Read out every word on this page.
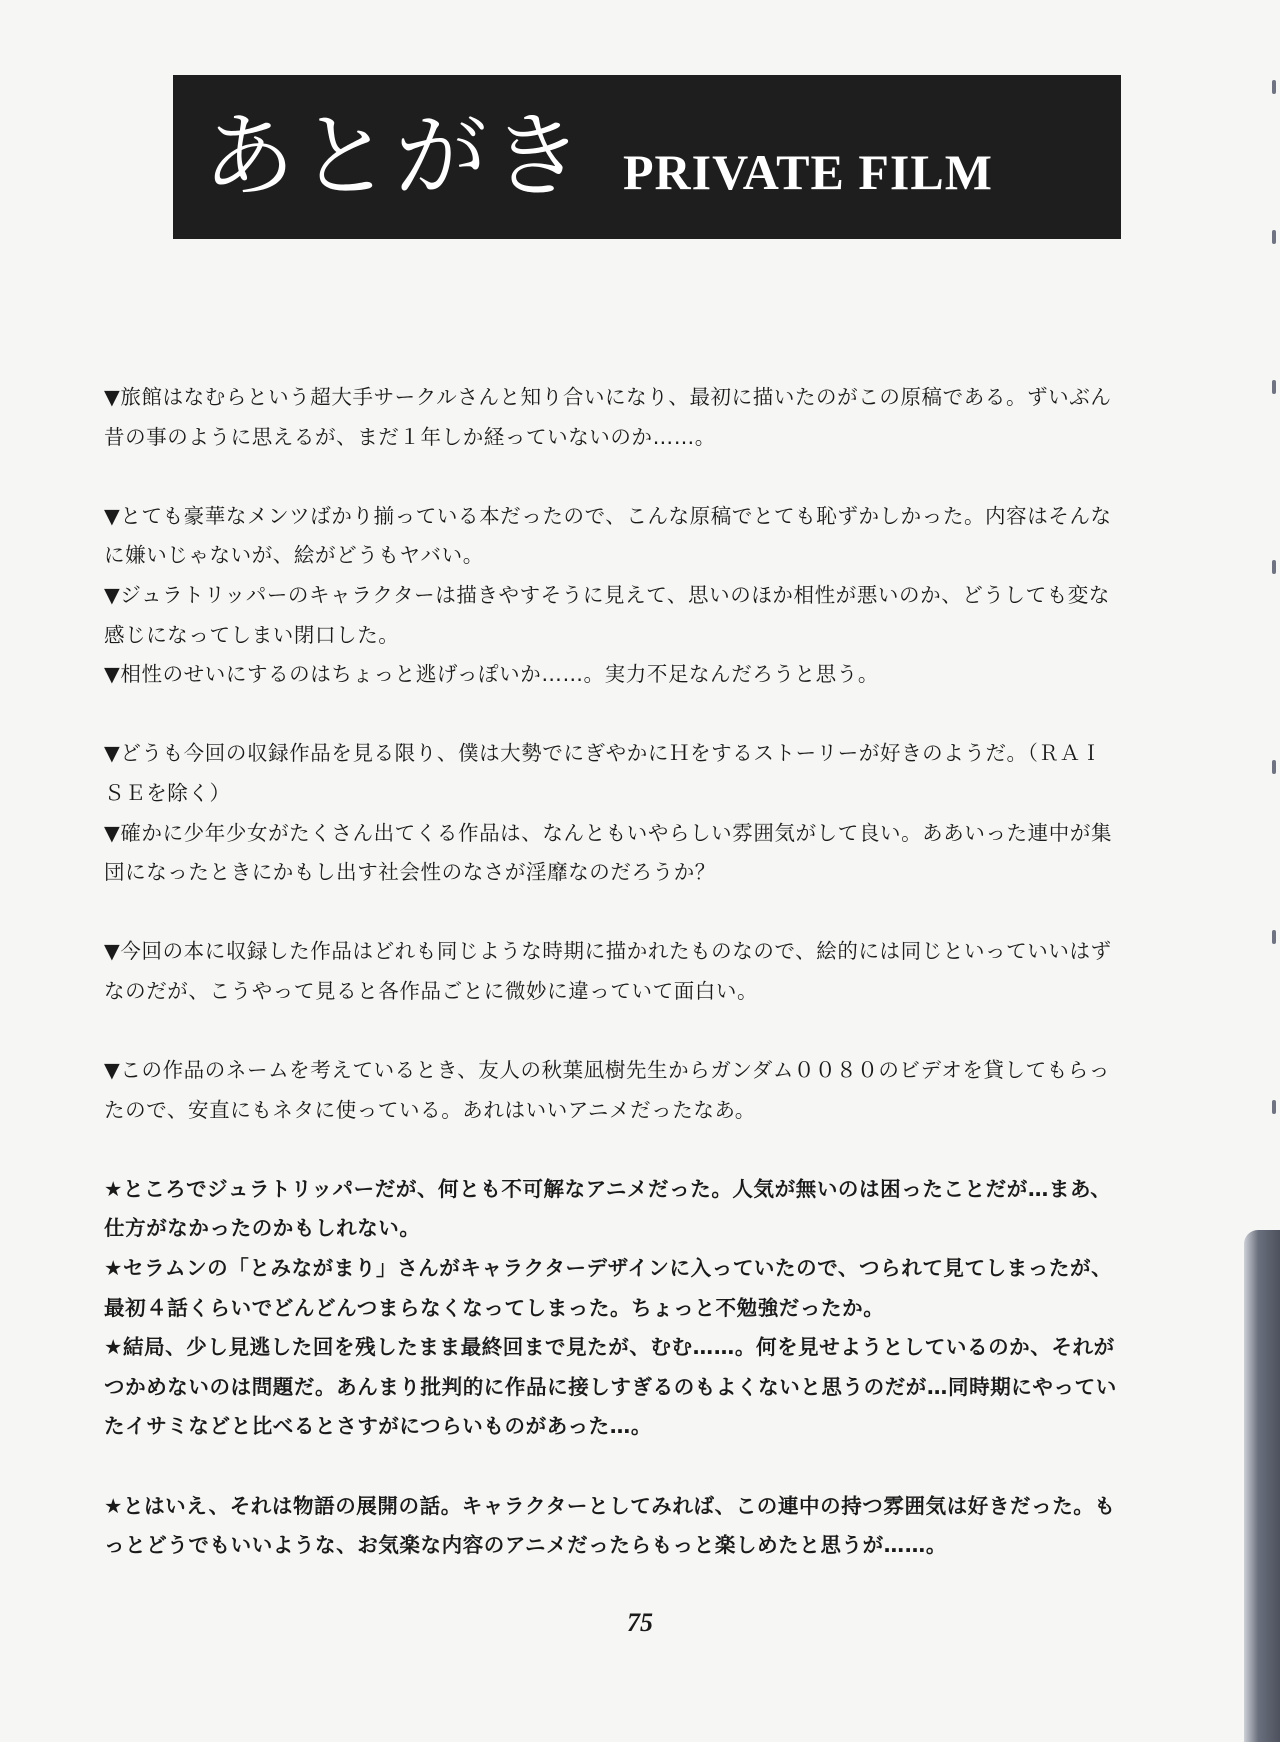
あとがき PRIVATE FILM
▼旅館はなむらという超大手サークルさんと知り合いになり、最初に描いたのがこの原稿である。ずいぶん
昔の事のように思えるが、まだ１年しか経っていないのか……。
▼とても豪華なメンツばかり揃っている本だったので、こんな原稿でとても恥ずかしかった。内容はそんな
に嫌いじゃないが、絵がどうもヤバい。
▼ジュラトリッパーのキャラクターは描きやすそうに見えて、思いのほか相性が悪いのか、どうしても変な
感じになってしまい閉口した。
▼相性のせいにするのはちょっと逃げっぽいか……。実力不足なんだろうと思う。
▼どうも今回の収録作品を見る限り、僕は大勢でにぎやかにＨをするストーリーが好きのようだ。（ＲＡＩ
ＳＥを除く）
▼確かに少年少女がたくさん出てくる作品は、なんともいやらしい雰囲気がして良い。ああいった連中が集
団になったときにかもし出す社会性のなさが淫靡なのだろうか？
▼今回の本に収録した作品はどれも同じような時期に描かれたものなので、絵的には同じといっていいはず
なのだが、こうやって見ると各作品ごとに微妙に違っていて面白い。
▼この作品のネームを考えているとき、友人の秋葉凪樹先生からガンダム００８０のビデオを貸してもらっ
たので、安直にもネタに使っている。あれはいいアニメだったなあ。
★ところでジュラトリッパーだが、何とも不可解なアニメだった。人気が無いのは困ったことだが…まあ、
仕方がなかったのかもしれない。
★セラムンの「とみながまり」さんがキャラクターデザインに入っていたので、つられて見てしまったが、
最初４話くらいでどんどんつまらなくなってしまった。ちょっと不勉強だったか。
★結局、少し見逃した回を残したまま最終回まで見たが、むむ……。何を見せようとしているのか、それが
つかめないのは問題だ。あんまり批判的に作品に接しすぎるのもよくないと思うのだが…同時期にやってい
たイサミなどと比べるとさすがにつらいものがあった…。
★とはいえ、それは物語の展開の話。キャラクターとしてみれば、この連中の持つ雰囲気は好きだった。も
っとどうでもいいような、お気楽な内容のアニメだったらもっと楽しめたと思うが……。
75
